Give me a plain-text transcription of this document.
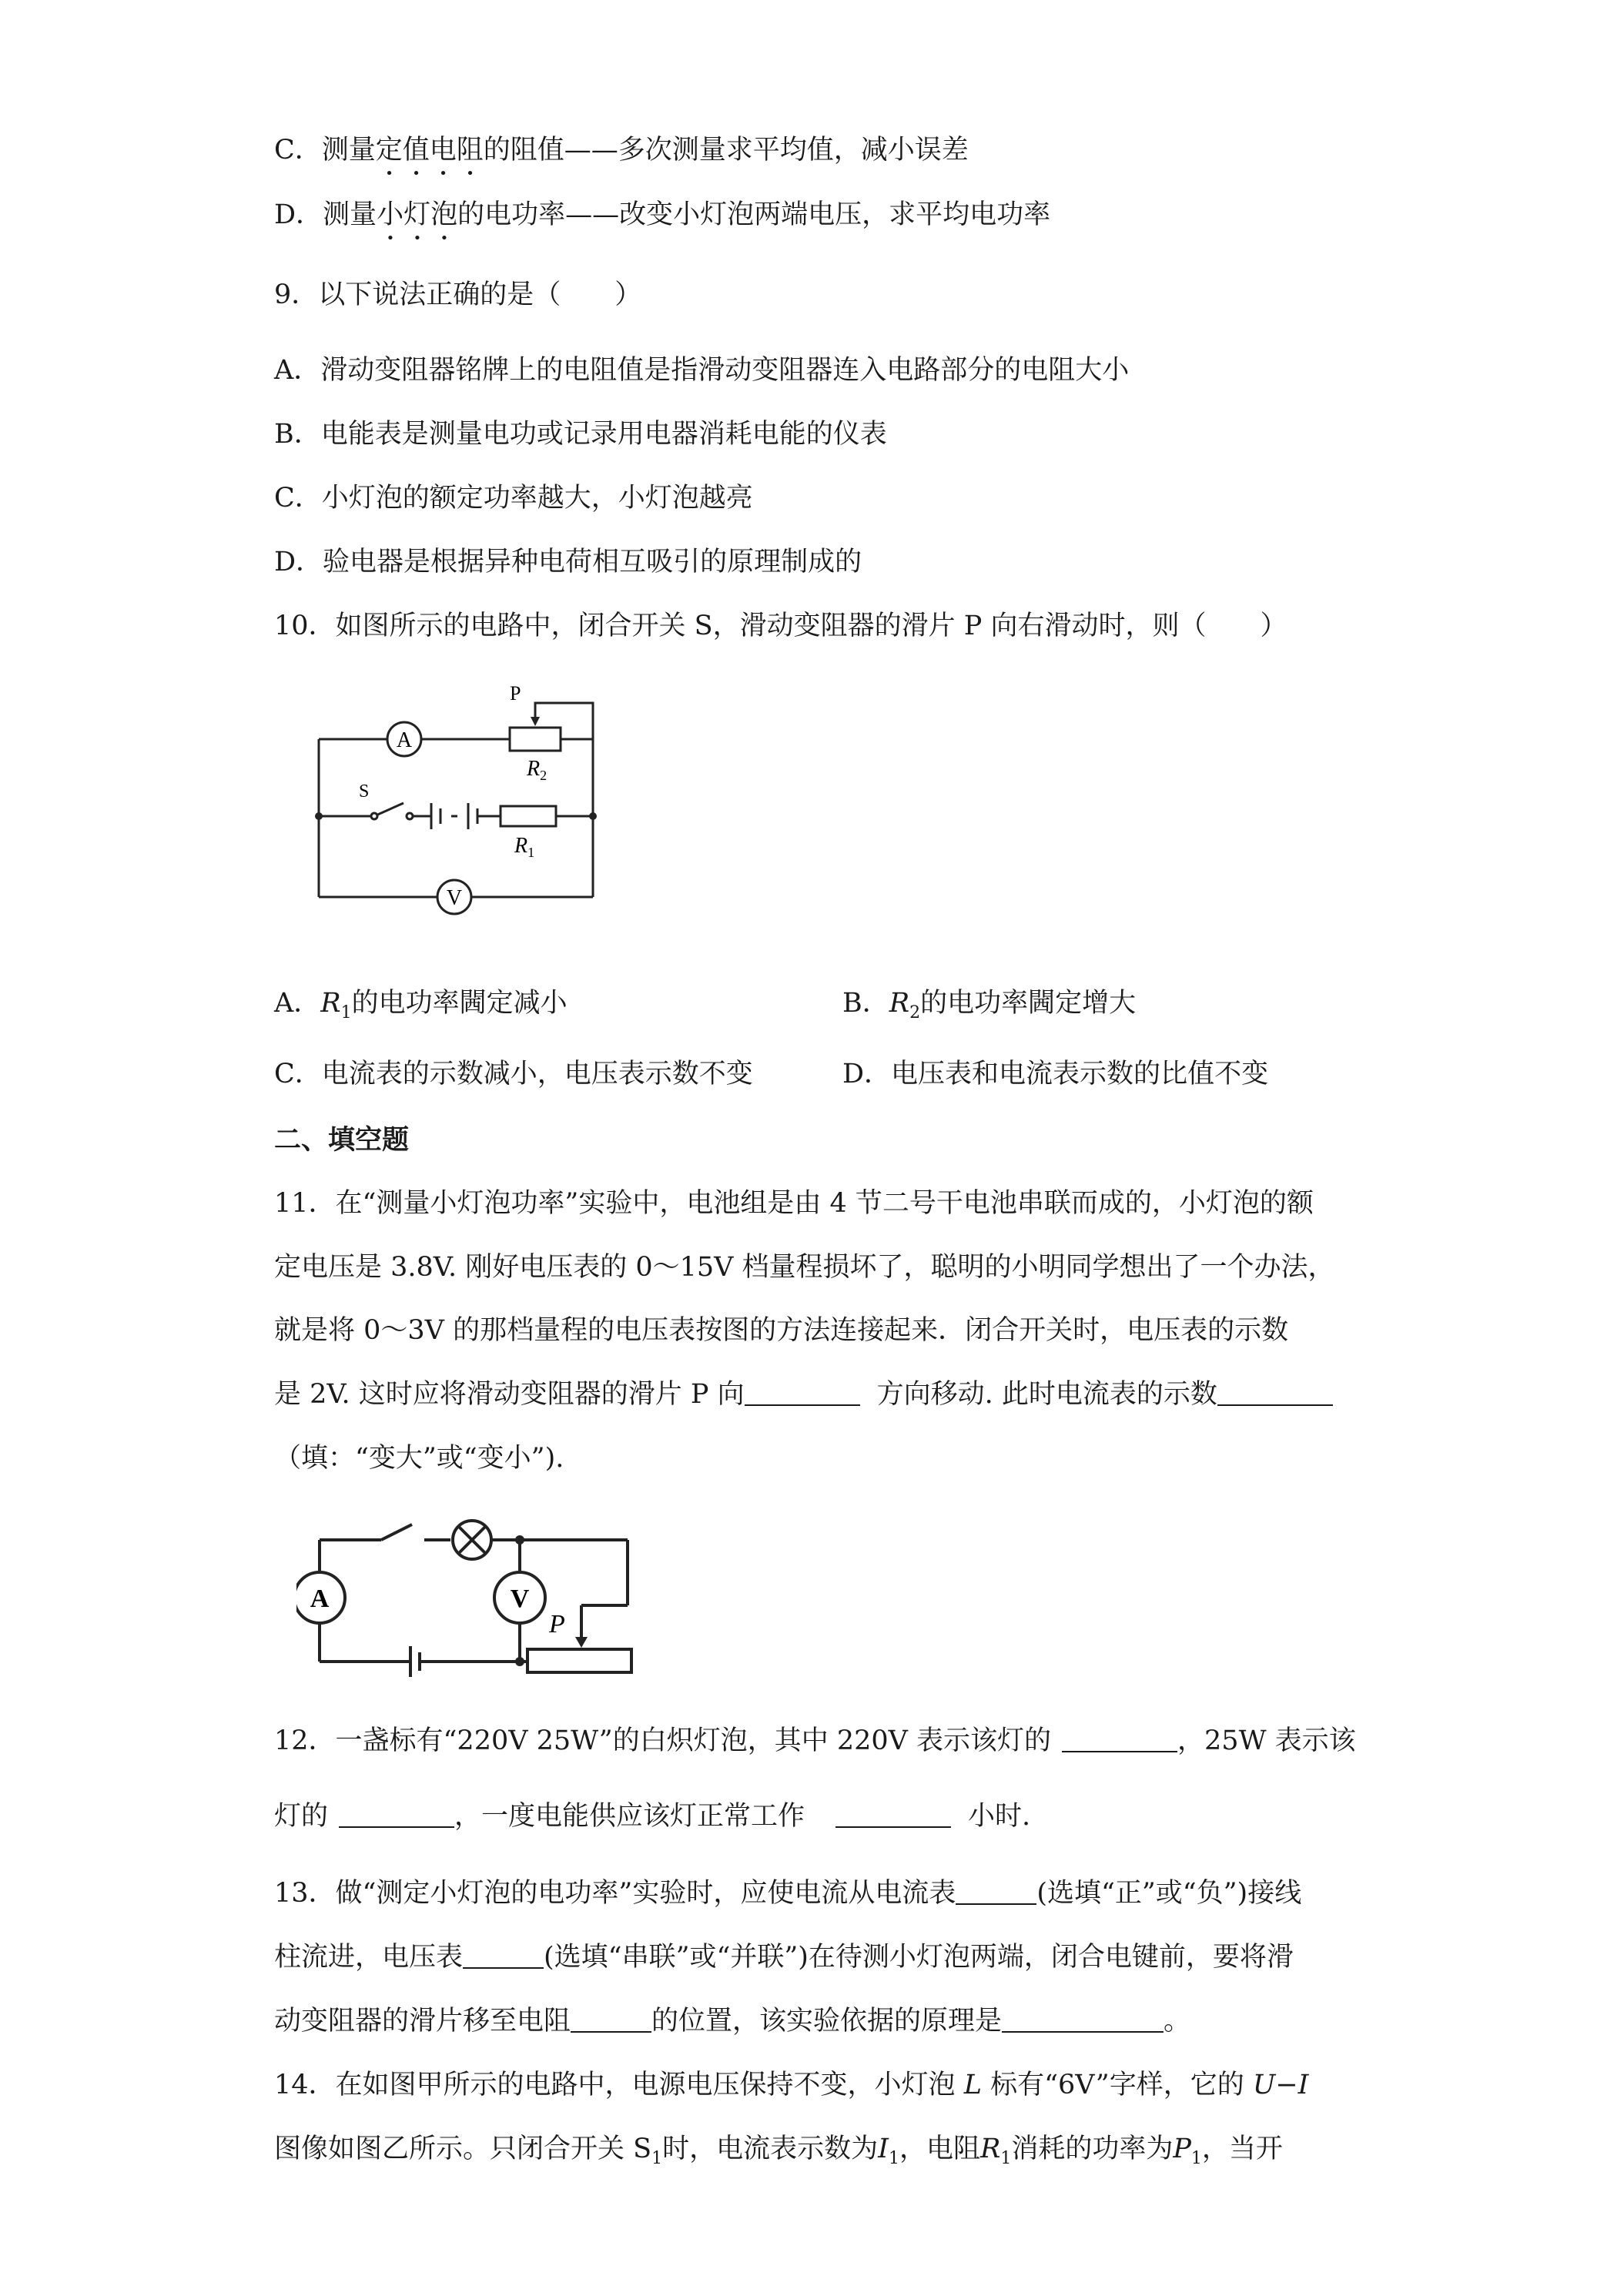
C．测量定值电阻的阻值——多次测量求平均值，减小误差
D．测量小灯泡的电功率——改变小灯泡两端电压，求平均电功率
9．以下说法正确的是（　　）
A．滑动变阻器铭牌上的电阻值是指滑动变阻器连入电路部分的电阻大小
B．电能表是测量电功或记录用电器消耗电能的仪表
C．小灯泡的额定功率越大，小灯泡越亮
D．验电器是根据异种电荷相互吸引的原理制成的
10．如图所示的电路中，闭合开关 S，滑动变阻器的滑片 P 向右滑动时，则（　　）
A
V
S
P
$R_2$
$R_1$
A．$R_1$的电功率閪定减小	B．$R_2$的电功率閪定增大
C．电流表的示数减小，电压表示数不变	D．电压表和电流表示数的比值不变
二、填空题
11．在“测量小灯泡功率”实验中，电池组是由 4 节二号干电池串联而成的，小灯泡的额
定电压是 3.8V. 刚好电压表的 0～15V 档量程损坏了，聪明的小明同学想出了一个办法，
就是将 0～3V 的那档量程的电压表按图的方法连接起来．闭合开关时，电压表的示数
是 2V. 这时应将滑动变阻器的滑片 P 向	方向移动. 此时电流表的示数
（填：“变大”或“变小”).
A	V
P
12．一盏标有“220V 25W”的白炽灯泡，其中 220V 表示该灯的	，25W 表示该
灯的	，一度电能供应该灯正常工作	小时.
13．做“测定小灯泡的电功率”实验时，应使电流从电流表	(选填“正”或“负”)接线
柱流进，电压表	(选填“串联”或“并联”)在待测小灯泡两端，闭合电键前，要将滑
动变阻器的滑片移至电阻	的位置，该实验依据的原理是	。
14．在如图甲所示的电路中，电源电压保持不变，小灯泡 L 标有“6V”字样，它的 U−I
图像如图乙所示。只闭合开关 $S_1$时，电流表示数为$I_1$，电阻$R_1$消耗的功率为$P_1$，当开
